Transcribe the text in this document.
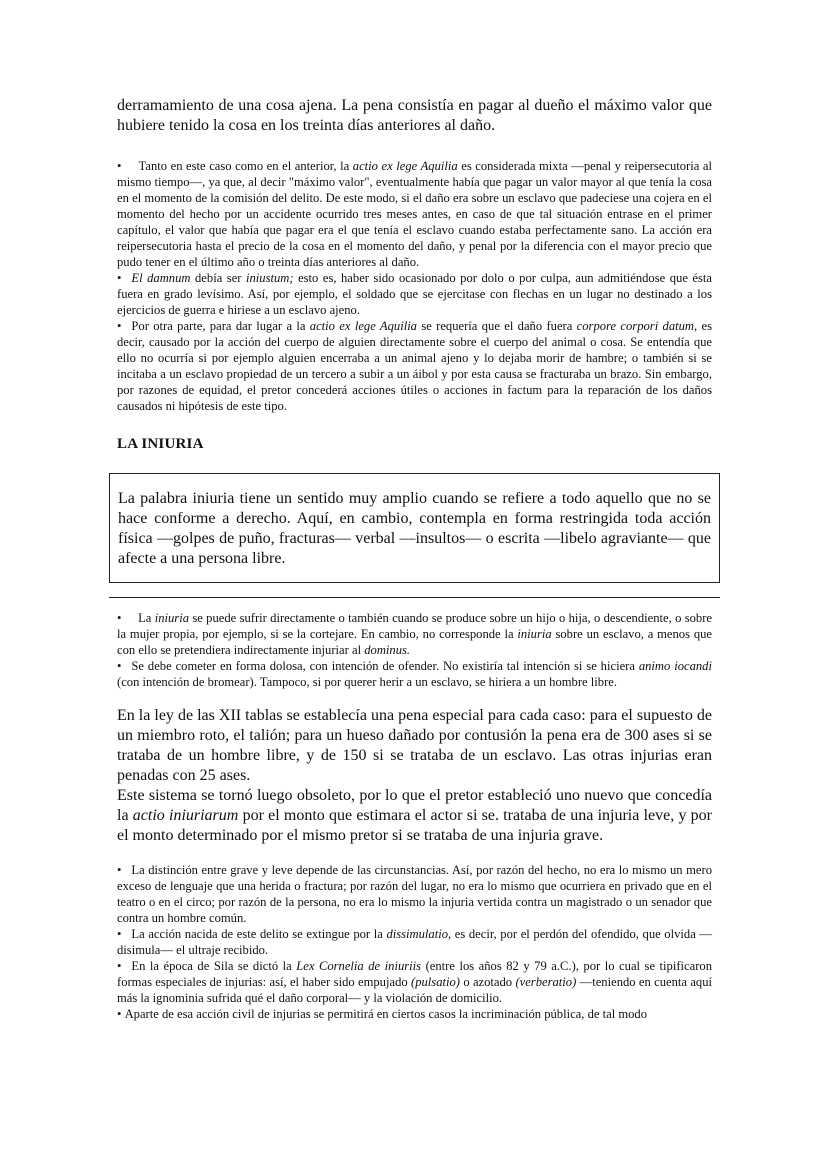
derramamiento de una cosa ajena. La pena consistía en pagar al dueño el máximo valor que hubiere tenido la cosa en los treinta días anteriores al daño.

• Tanto en este caso como en el anterior, la actio ex lege Aquilia es considerada mixta —penal y reipersecutoria al mismo tiempo—, ya que, al decir "máximo valor", eventualmente había que pagar un valor mayor al que tenía la cosa en el momento de la comisión del delito. De este modo, si el daño era sobre un esclavo que padeciese una cojera en el momento del hecho por un accidente ocurrido tres meses antes, en caso de que tal situación entrase en el primer capítulo, el valor que había que pagar era el que tenía el esclavo cuando estaba perfectamente sano. La acción era reipersecutoria hasta el precio de la cosa en el momento del daño, y penal por la diferencia con el mayor precio que pudo tener en el último año o treinta días anteriores al daño.

• El damnum debía ser iniustum; esto es, haber sido ocasionado por dolo o por culpa, aun admitiéndose que ésta fuera en grado levísimo. Así, por ejemplo, el soldado que se ejercitase con flechas en un lugar no destinado a los ejercicios de guerra e hiriese a un esclavo ajeno.

• Por otra parte, para dar lugar a la actio ex lege Aquilia se requería que el daño fuera corpore corpori datum, es decir, causado por la acción del cuerpo de alguien directamente sobre el cuerpo del animal o cosa. Se entendía que ello no ocurría si por ejemplo alguien encerraba a un animal ajeno y lo dejaba morir de hambre; o también si se incitaba a un esclavo propiedad de un tercero a subir a un áibol y por esta causa se fracturaba un brazo. Sin embargo, por razones de equidad, el pretor concederá acciones útiles o acciones in factum para la reparación de los daños causados ni hipótesis de este tipo.

LA INIURIA

La palabra iniuria tiene un sentido muy amplio cuando se refiere a todo aquello que no se hace conforme a derecho. Aquí, en cambio, contempla en forma restringida toda acción física —golpes de puño, fracturas— verbal —insultos— o escrita —libelo agraviante— que afecte a una persona libre.

• La iniuria se puede sufrir directamente o también cuando se produce sobre un hijo o hija, o descendiente, o sobre la mujer propia, por ejemplo, si se la cortejare. En cambio, no corresponde la iniuria sobre un esclavo, a menos que con ello se pretendiera indirectamente injuriar al dominus.

• Se debe cometer en forma dolosa, con intención de ofender. No existiría tal intención si se hiciera animo iocandi (con intención de bromear). Tampoco, si por querer herir a un esclavo, se hiriera a un hombre libre.

En la ley de las XII tablas se establecía una pena especial para cada caso: para el supuesto de un miembro roto, el talión; para un hueso dañado por contusión la pena era de 300 ases si se trataba de un hombre libre, y de 150 si se trataba de un esclavo. Las otras injurias eran penadas con 25 ases.

Este sistema se tornó luego obsoleto, por lo que el pretor estableció uno nuevo que concedía la actio iniuriarum por el monto que estimara el actor si se. trataba de una injuria leve, y por el monto determinado por el mismo pretor si se trataba de una injuria grave.

• La distinción entre grave y leve depende de las circunstancias. Así, por razón del hecho, no era lo mismo un mero exceso de lenguaje que una herida o fractura; por razón del lugar, no era lo mismo que ocurriera en privado que en el teatro o en el circo; por razón de la persona, no era lo mismo la injuria vertida contra un magistrado o un senador que contra un hombre común.

• La acción nacida de este delito se extingue por la dissimulatio, es decir, por el perdón del ofendido, que olvida —disimula— el ultraje recibido.

• En la época de Sila se dictó la Lex Cornelia de iniuriis (entre los años 82 y 79 a.C.), por lo cual se tipificaron formas especiales de injurias: así, el haber sido empujado (pulsatio) o azotado (verberatio) —teniendo en cuenta aquí más la ignominia sufrida qué el daño corporal— y la violación de domicilio.

• Aparte de esa acción civil de injurias se permitirá en ciertos casos la incriminación pública, de tal modo
